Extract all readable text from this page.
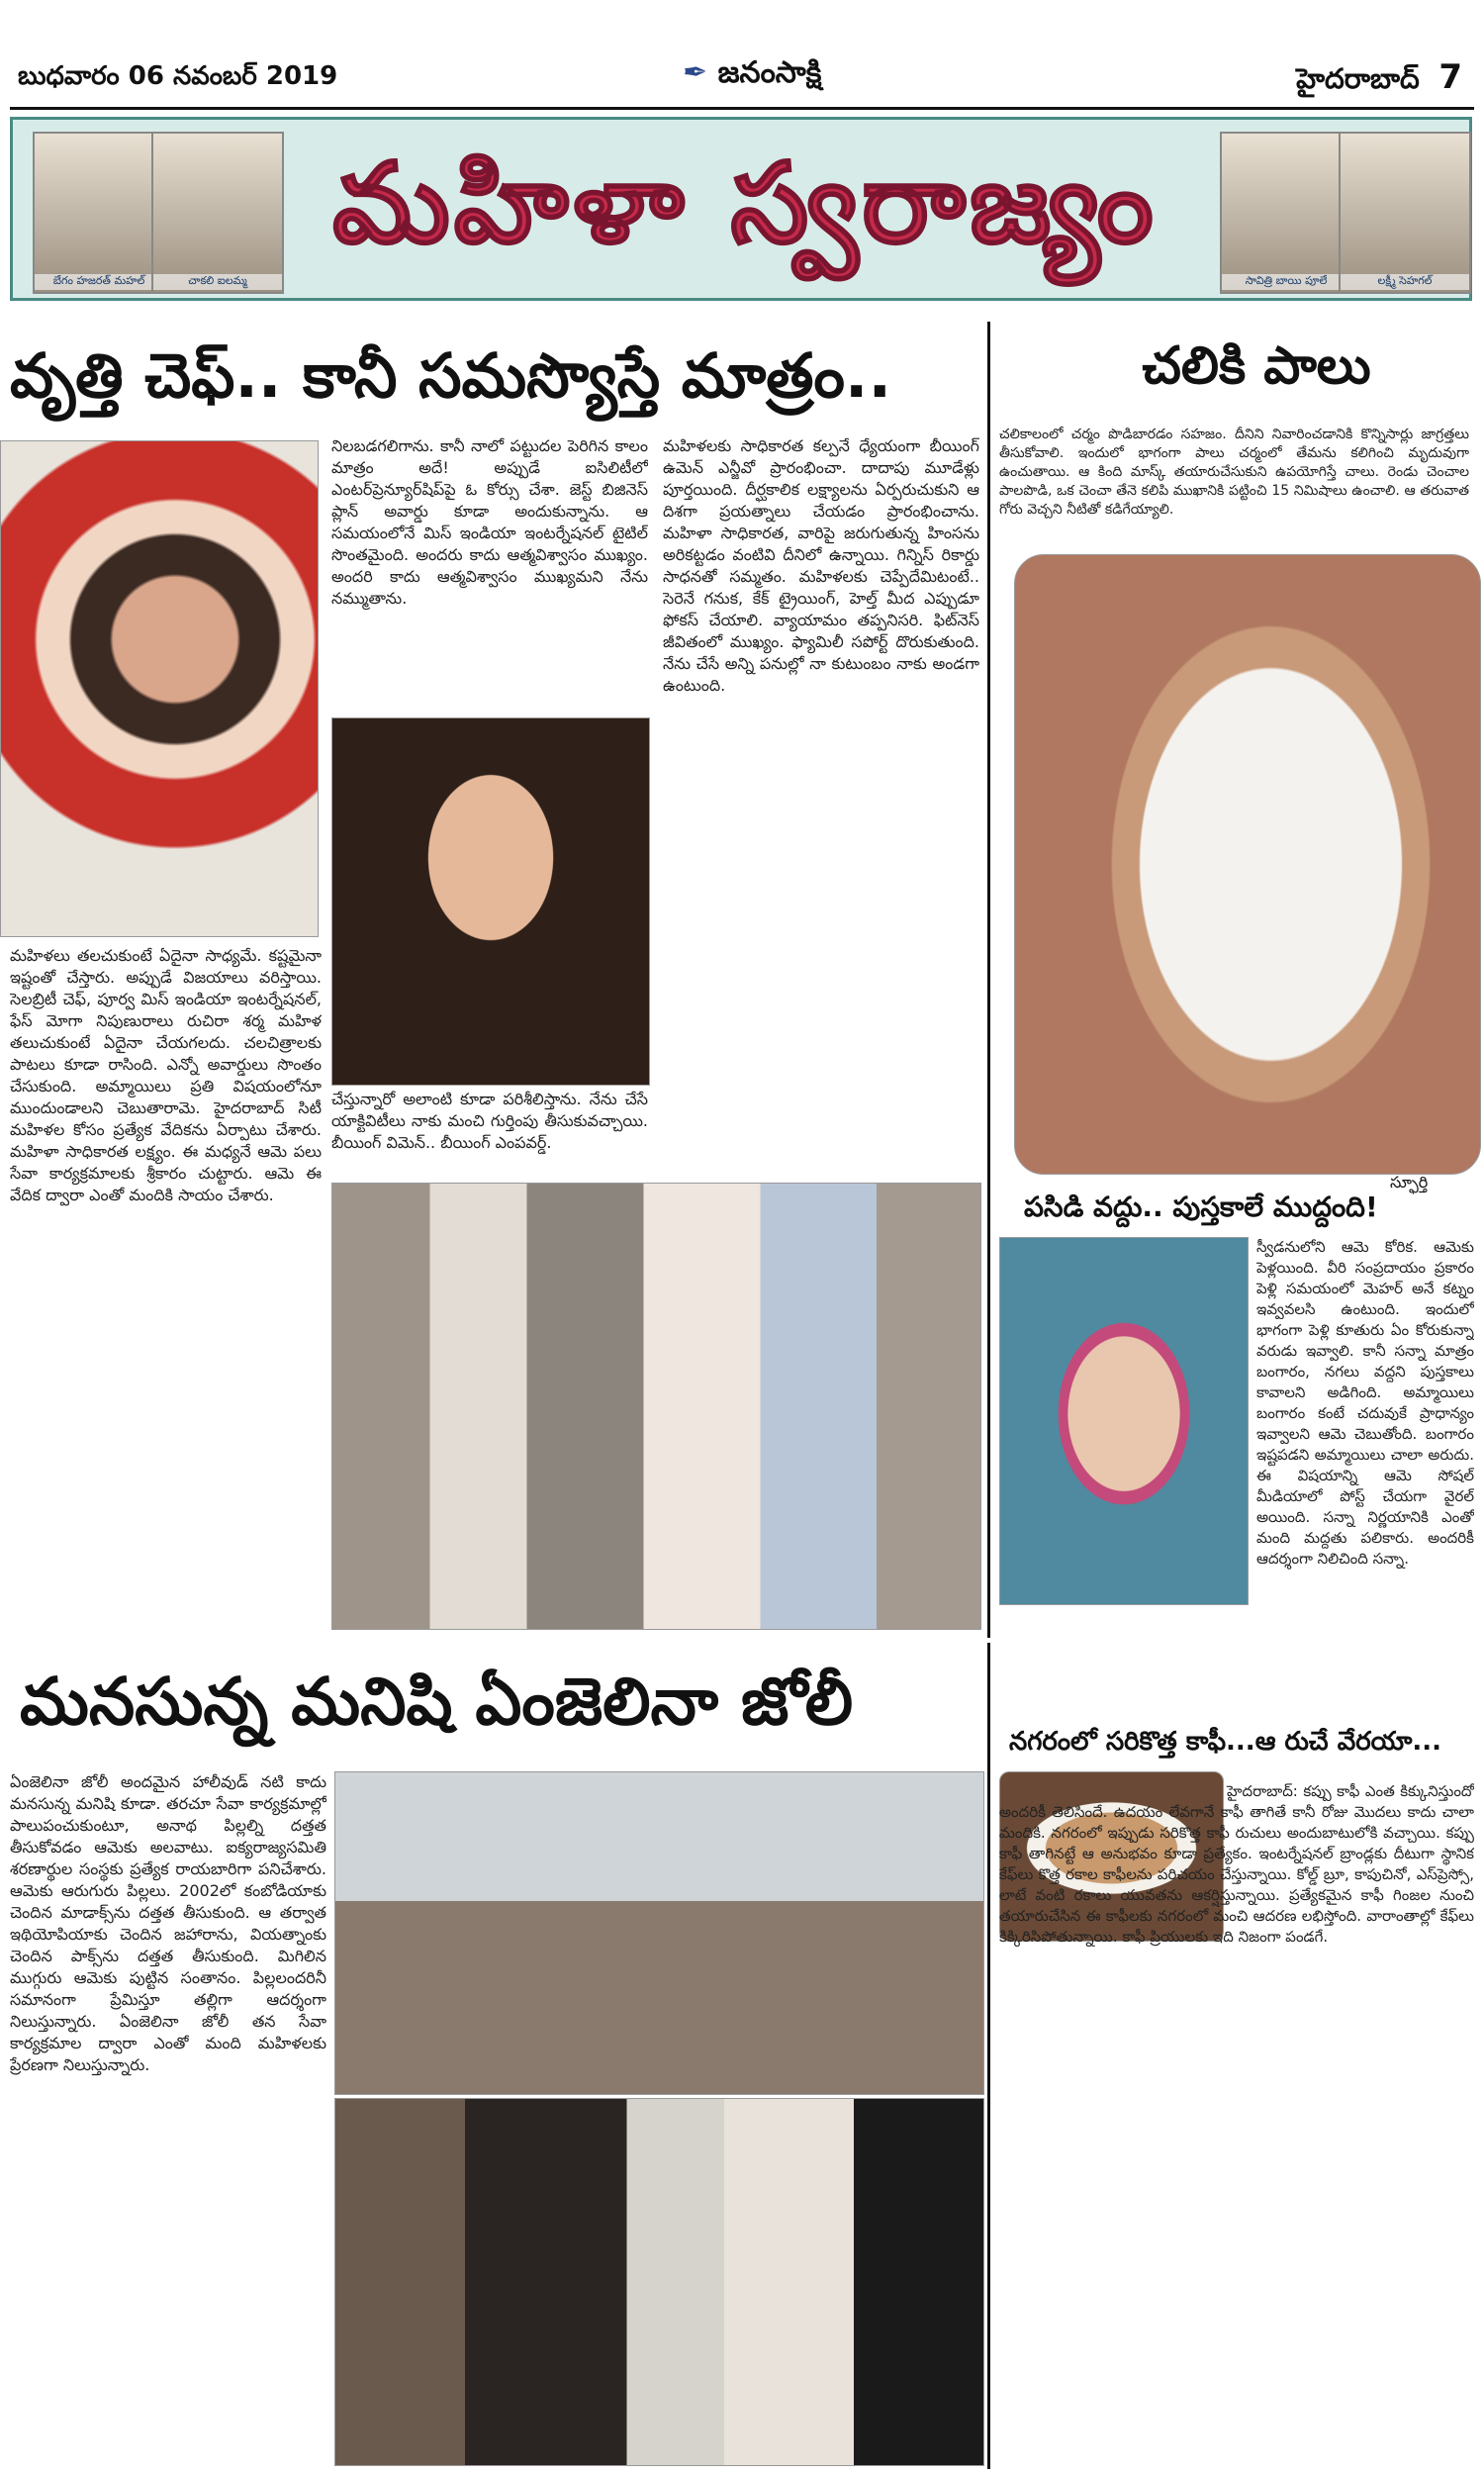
బుధవారం 06 నవంబర్ 2019	✒ జనంసాక్షి	హైదరాబాద్ 7
బేగం హజరత్ మహల్	చాకలి ఐలమ్మ
మహిళా స్వరాజ్యం
సావిత్రి బాయి పూలే	లక్ష్మీ సెహగల్
వృత్తి చెఫ్.. కానీ సమస్యొస్తే మాత్రం..
మహిళలు తలచుకుంటే ఏదైనా సాధ్యమే. కష్టమైనా ఇష్టంతో చేస్తారు. అప్పుడే విజయాలు వరిస్తాయి. సెలబ్రిటీ చెఫ్, పూర్వ మిస్ ఇండియా ఇంటర్నేషనల్, ఫేస్ మోగా నిపుణురాలు రుచిరా శర్మ మహిళ తలుచుకుంటే ఏదైనా చేయగలదు. చలచిత్రాలకు పాటలు కూడా రాసింది. ఎన్నో అవార్డులు సొంతం చేసుకుంది. అమ్మాయిలు ప్రతి విషయంలోనూ ముందుండాలని చెబుతారామె. హైదరాబాద్ సిటీ మహిళల కోసం ప్రత్యేక వేదికను ఏర్పాటు చేశారు. మహిళా సాధికారత లక్ష్యం. ఈ మధ్యనే ఆమె పలు సేవా కార్యక్రమాలకు శ్రీకారం చుట్టారు. ఆమె ఈ వేదిక ద్వారా ఎంతో మందికి సాయం చేశారు.
నిలబడగలిగాను. కానీ నాలో పట్టుదల పెరిగిన కాలం మాత్రం అదే! అప్పుడే ఐసిలిటీలో ఎంటర్‌ప్రెన్యూర్‌షిప్‌పై ఓ కోర్సు చేశా. జెస్ట్ బిజినెస్ ప్లాన్ అవార్డు కూడా అందుకున్నాను. ఆ సమయంలోనే మిస్ ఇండియా ఇంటర్నేషనల్ టైటిల్ సొంతమైంది. అందరు కాదు ఆత్మవిశ్వాసం ముఖ్యం. అందరి కాదు ఆత్మవిశ్వాసం ముఖ్యమని నేను నమ్ముతాను.
చేస్తున్నారో అలాంటి కూడా పరిశీలిస్తాను. నేను చేసే యాక్టివిటీలు నాకు మంచి గుర్తింపు తీసుకువచ్చాయి. బీయింగ్ విమెన్.. బీయింగ్ ఎంపవర్డ్.
మహిళలకు సాధికారత కల్పనే ధ్యేయంగా బీయింగ్ ఉమెన్ ఎన్జీవో ప్రారంభించా. దాదాపు మూడేళ్లు పూర్తయింది. దీర్ఘకాలిక లక్ష్యాలను ఏర్పరుచుకుని ఆ దిశగా ప్రయత్నాలు చేయడం ప్రారంభించాను. మహిళా సాధికారత, వారిపై జరుగుతున్న హింసను అరికట్టడం వంటివి దీనిలో ఉన్నాయి. గిన్నిస్ రికార్డు సాధనతో సమ్మతం. మహిళలకు చెప్పేదేమిటంటే.. సెరెనే గనుక, కేక్ ట్రైయింగ్, హెల్త్ మీద ఎప్పుడూ ఫోకస్ చేయాలి. వ్యాయామం తప్పనిసరి. ఫిట్‌నెస్ జీవితంలో ముఖ్యం. ఫ్యామిలీ సపోర్ట్ దొరుకుతుంది. నేను చేసే అన్ని పనుల్లో నా కుటుంబం నాకు అండగా ఉంటుంది.
చలికి పాలు
చలికాలంలో చర్మం పొడిబారడం సహజం. దీనిని నివారించడానికి కొన్నిసార్లు జాగ్రత్తలు తీసుకోవాలి. ఇందులో భాగంగా పాలు చర్మంలో తేమను కలిగించి మృదువుగా ఉంచుతాయి. ఆ కింది మాస్క్ తయారుచేసుకుని ఉపయోగిస్తే చాలు. రెండు చెంచాల పాలపొడి, ఒక చెంచా తేనె కలిపి ముఖానికి పట్టించి 15 నిమిషాలు ఉంచాలి. ఆ తరువాత గోరు వెచ్చని నీటితో కడిగేయ్యాలి.
పసిడి వద్దు.. పుస్తకాలే ముద్దంది!
స్ఫూర్తి
స్వీడనులోని ఆమె కోరిక. ఆమెకు పెళ్లయింది. వీరి సంప్రదాయం ప్రకారం పెళ్లి సమయంలో మెహర్ అనే కట్నం ఇవ్వవలసి ఉంటుంది. ఇందులో భాగంగా పెళ్లి కూతురు ఏం కోరుకున్నా వరుడు ఇవ్వాలి. కానీ సన్నా మాత్రం బంగారం, నగలు వద్దని పుస్తకాలు కావాలని అడిగింది. అమ్మాయిలు బంగారం కంటే చదువుకే ప్రాధాన్యం ఇవ్వాలని ఆమె చెబుతోంది. బంగారం ఇష్టపడని అమ్మాయిలు చాలా అరుదు. ఈ విషయాన్ని ఆమె సోషల్ మీడియాలో పోస్ట్ చేయగా వైరల్ అయింది. సన్నా నిర్ణయానికి ఎంతో మంది మద్దతు పలికారు. అందరికీ ఆదర్శంగా నిలిచింది సన్నా.
మనసున్న మనిషి ఏంజెలినా జోలీ
ఏంజెలినా జోలీ అందమైన హాలీవుడ్ నటి కాదు మనసున్న మనిషి కూడా. తరచూ సేవా కార్యక్రమాల్లో పాలుపంచుకుంటూ, అనాథ పిల్లల్ని దత్తత తీసుకోవడం ఆమెకు అలవాటు. ఐక్యరాజ్యసమితి శరణార్థుల సంస్థకు ప్రత్యేక రాయబారిగా పనిచేశారు. ఆమెకు ఆరుగురు పిల్లలు. 2002లో కంబోడియాకు చెందిన మాడాక్స్‌ను దత్తత తీసుకుంది. ఆ తర్వాత ఇథియోపియాకు చెందిన జహారాను, వియత్నాంకు చెందిన పాక్స్‌ను దత్తత తీసుకుంది. మిగిలిన ముగ్గురు ఆమెకు పుట్టిన సంతానం. పిల్లలందరినీ సమానంగా ప్రేమిస్తూ తల్లిగా ఆదర్శంగా నిలుస్తున్నారు. ఏంజెలినా జోలీ తన సేవా కార్యక్రమాల ద్వారా ఎంతో మంది మహిళలకు ప్రేరణగా నిలుస్తున్నారు.
నగరంలో సరికొత్త కాఫీ...ఆ రుచే వేరయా...
హైదరాబాద్: కప్పు కాఫీ ఎంత కిక్కునిస్తుందో అందరికీ తెలిసిందే. ఉదయం లేవగానే కాఫీ తాగితే కానీ రోజు మొదలు కాదు చాలా మందికి. నగరంలో ఇప్పుడు సరికొత్త కాఫీ రుచులు అందుబాటులోకి వచ్చాయి. కప్పు కాఫీ తాగినట్టే ఆ అనుభవం కూడా ప్రత్యేకం. ఇంటర్నేషనల్ బ్రాండ్లకు దీటుగా స్థానిక కేఫ్‌లు కొత్త రకాల కాఫీలను పరిచయం చేస్తున్నాయి. కోల్డ్ బ్రూ, కాపుచినో, ఎస్‌ప్రెస్సో, లాటే వంటి రకాలు యువతను ఆకర్షిస్తున్నాయి. ప్రత్యేకమైన కాఫీ గింజల నుంచి తయారుచేసిన ఈ కాఫీలకు నగరంలో మంచి ఆదరణ లభిస్తోంది. వారాంతాల్లో కేఫ్‌లు కిక్కిరిసిపోతున్నాయి. కాఫీ ప్రియులకు ఇది నిజంగా పండగే.
